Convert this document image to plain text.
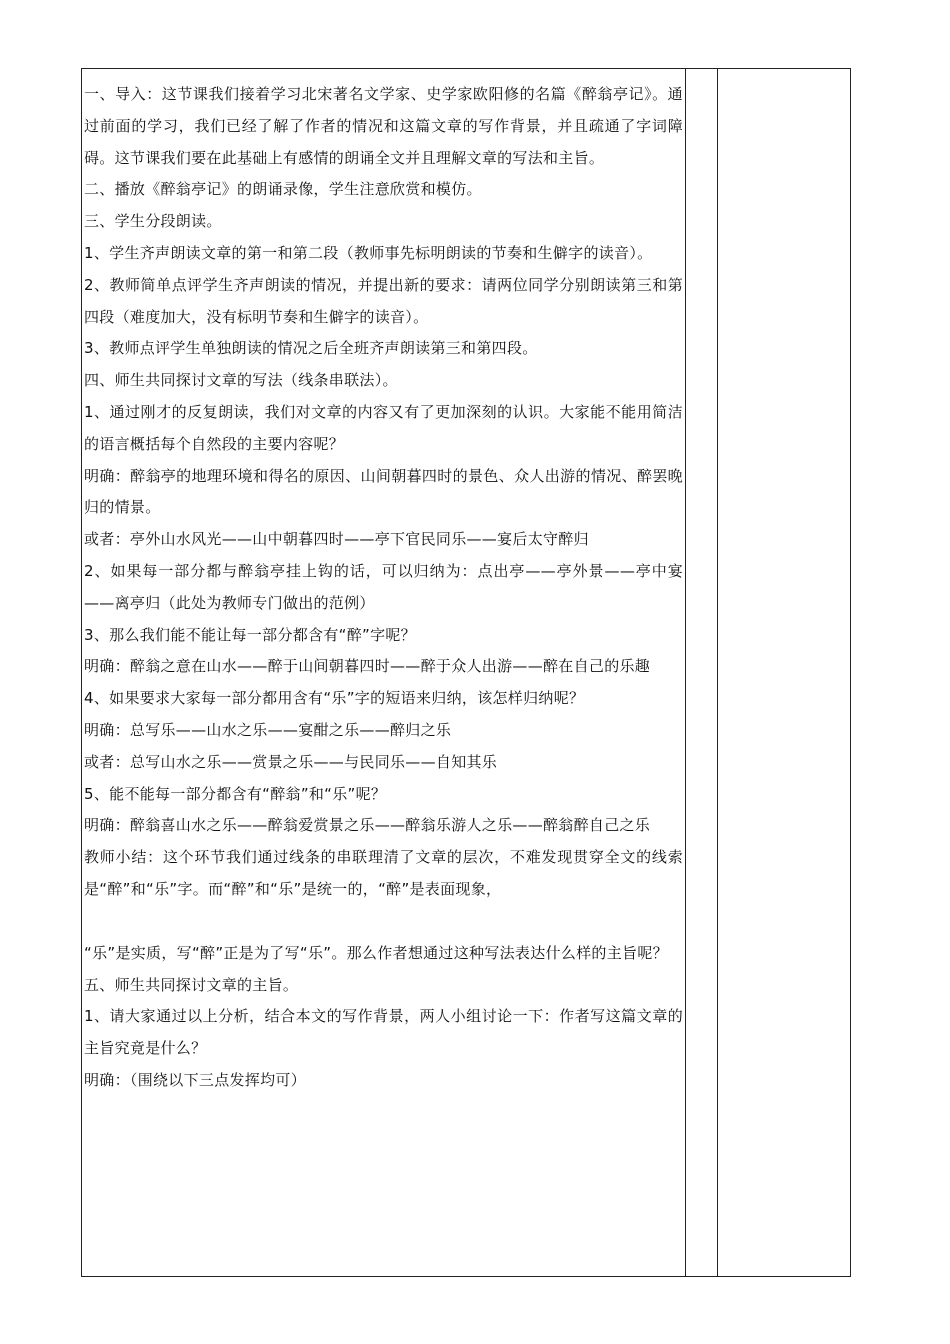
一、导入：这节课我们接着学习北宋著名文学家、史学家欧阳修的名篇《醉翁亭记》。通过前面的学习，我们已经了解了作者的情况和这篇文章的写作背景，并且疏通了字词障碍。这节课我们要在此基础上有感情的朗诵全文并且理解文章的写法和主旨。

二、播放《醉翁亭记》的朗诵录像，学生注意欣赏和模仿。

三、学生分段朗读。

1、学生齐声朗读文章的第一和第二段（教师事先标明朗读的节奏和生僻字的读音）。

2、教师简单点评学生齐声朗读的情况，并提出新的要求：请两位同学分别朗读第三和第四段（难度加大，没有标明节奏和生僻字的读音）。

3、教师点评学生单独朗读的情况之后全班齐声朗读第三和第四段。

四、师生共同探讨文章的写法（线条串联法）。

1、通过刚才的反复朗读，我们对文章的内容又有了更加深刻的认识。大家能不能用简洁的语言概括每个自然段的主要内容呢？

明确：醉翁亭的地理环境和得名的原因、山间朝暮四时的景色、众人出游的情况、醉罢晚归的情景。

或者：亭外山水风光——山中朝暮四时——亭下官民同乐——宴后太守醉归

2、如果每一部分都与醉翁亭挂上钩的话，可以归纳为：点出亭——亭外景——亭中宴——离亭归（此处为教师专门做出的范例）

3、那么我们能不能让每一部分都含有“醉”字呢？

明确：醉翁之意在山水——醉于山间朝暮四时——醉于众人出游——醉在自己的乐趣

4、如果要求大家每一部分都用含有“乐”字的短语来归纳，该怎样归纳呢？

明确：总写乐——山水之乐——宴酣之乐——醉归之乐

或者：总写山水之乐——赏景之乐——与民同乐——自知其乐

5、能不能每一部分都含有“醉翁”和“乐”呢？

明确：醉翁喜山水之乐——醉翁爱赏景之乐——醉翁乐游人之乐——醉翁醉自己之乐

教师小结：这个环节我们通过线条的串联理清了文章的层次，不难发现贯穿全文的线索是“醉”和“乐”字。而“醉”和“乐”是统一的，“醉”是表面现象，

“乐”是实质，写“醉”正是为了写“乐”。那么作者想通过这种写法表达什么样的主旨呢？

五、师生共同探讨文章的主旨。

1、请大家通过以上分析，结合本文的写作背景，两人小组讨论一下：作者写这篇文章的主旨究竟是什么？

明确：（围绕以下三点发挥均可）
